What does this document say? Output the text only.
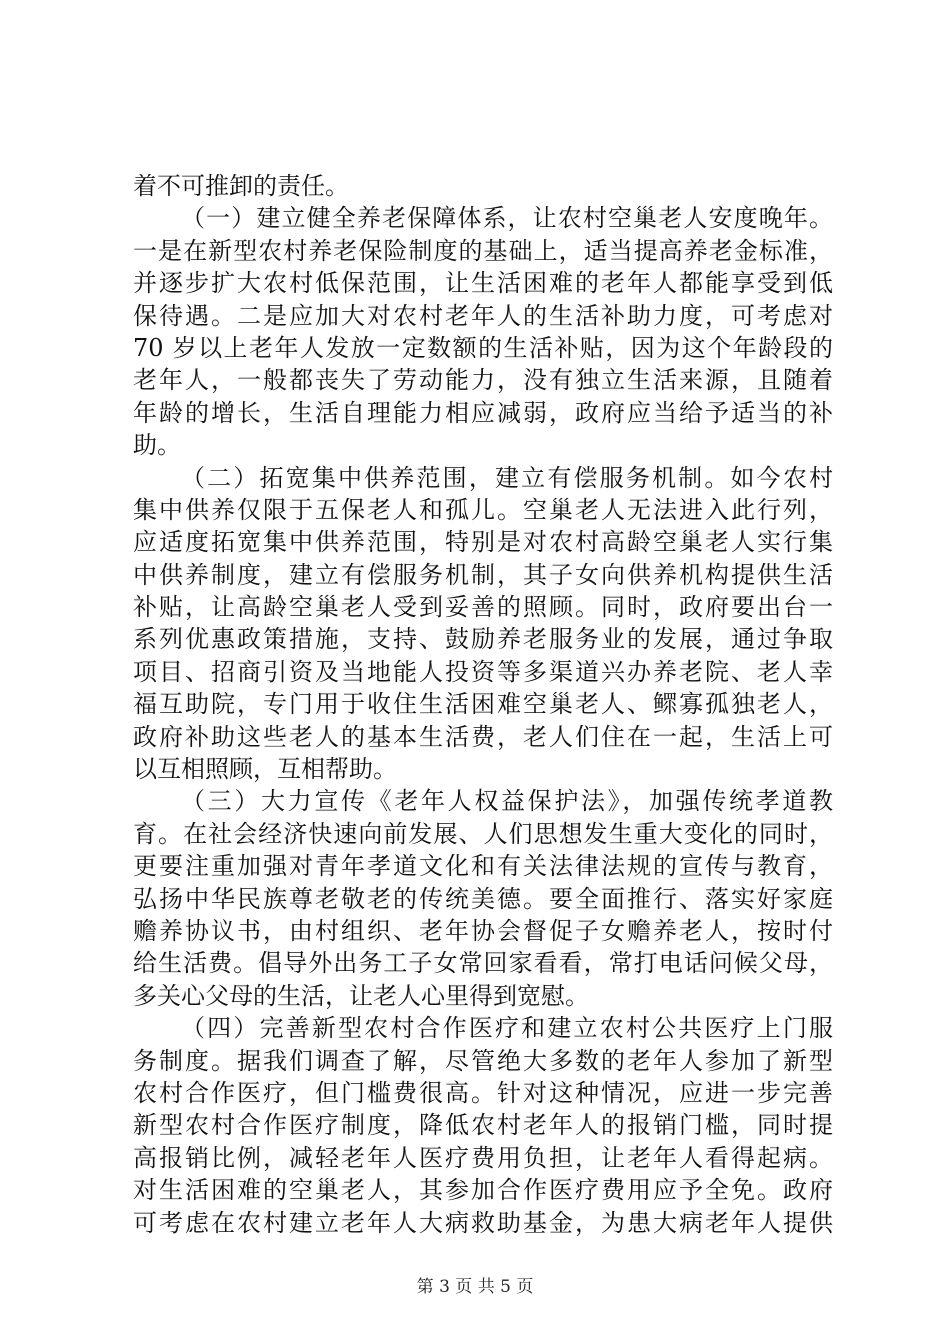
着不可推卸的责任。
（一）建立健全养老保障体系，让农村空巢老人安度晚年。
一是在新型农村养老保险制度的基础上，适当提高养老金标准，
并逐步扩大农村低保范围，让生活困难的老年人都能享受到低
保待遇。二是应加大对农村老年人的生活补助力度，可考虑对
70 岁以上老年人发放一定数额的生活补贴，因为这个年龄段的
老年人，一般都丧失了劳动能力，没有独立生活来源，且随着
年龄的增长，生活自理能力相应减弱，政府应当给予适当的补
助。
（二）拓宽集中供养范围，建立有偿服务机制。如今农村
集中供养仅限于五保老人和孤儿。空巢老人无法进入此行列，
应适度拓宽集中供养范围，特别是对农村高龄空巢老人实行集
中供养制度，建立有偿服务机制，其子女向供养机构提供生活
补贴，让高龄空巢老人受到妥善的照顾。同时，政府要出台一
系列优惠政策措施，支持、鼓励养老服务业的发展，通过争取
项目、招商引资及当地能人投资等多渠道兴办养老院、老人幸
福互助院，专门用于收住生活困难空巢老人、鳏寡孤独老人，
政府补助这些老人的基本生活费，老人们住在一起，生活上可
以互相照顾，互相帮助。
（三）大力宣传《老年人权益保护法》，加强传统孝道教
育。在社会经济快速向前发展、人们思想发生重大变化的同时，
更要注重加强对青年孝道文化和有关法律法规的宣传与教育，
弘扬中华民族尊老敬老的传统美德。要全面推行、落实好家庭
赡养协议书，由村组织、老年协会督促子女赡养老人，按时付
给生活费。倡导外出务工子女常回家看看，常打电话问候父母，
多关心父母的生活，让老人心里得到宽慰。
（四）完善新型农村合作医疗和建立农村公共医疗上门服
务制度。据我们调查了解，尽管绝大多数的老年人参加了新型
农村合作医疗，但门槛费很高。针对这种情况，应进一步完善
新型农村合作医疗制度，降低农村老年人的报销门槛，同时提
高报销比例，减轻老年人医疗费用负担，让老年人看得起病。
对生活困难的空巢老人，其参加合作医疗费用应予全免。政府
可考虑在农村建立老年人大病救助基金，为患大病老年人提供
第 3 页 共 5 页
